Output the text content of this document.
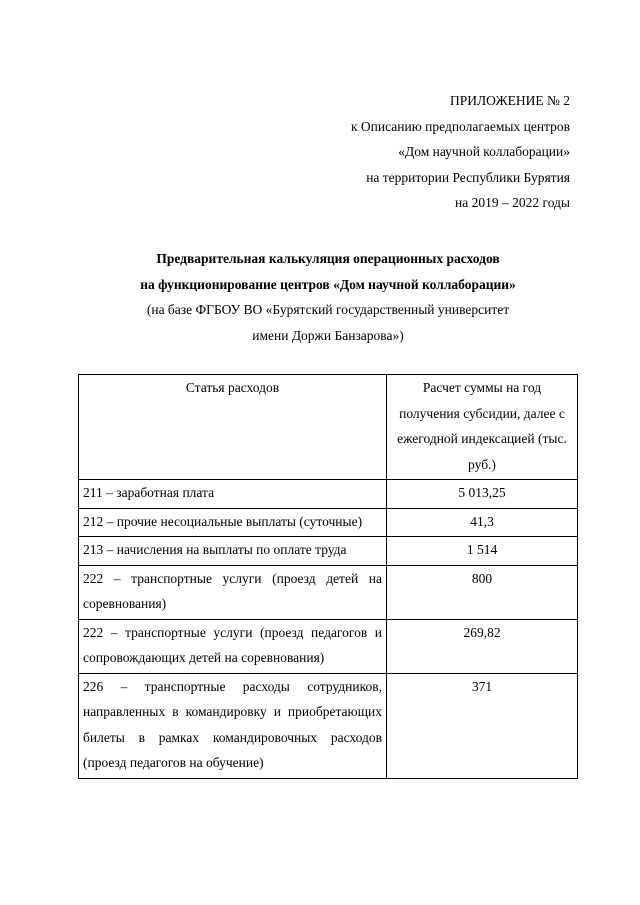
ПРИЛОЖЕНИЕ № 2
к Описанию предполагаемых центров
«Дом научной коллаборации»
на территории Республики Бурятия
на 2019 – 2022 годы
Предварительная калькуляция операционных расходов
на функционирование центров «Дом научной коллаборации»
(на базе ФГБОУ ВО «Бурятский государственный университет
имени Доржи Банзарова»)
Статья расходов	Расчет суммы на год получения субсидии, далее с ежегодной индексацией (тыс. руб.)
211 – заработная плата	5 013,25
212 – прочие несоциальные выплаты (суточные)	41,3
213 – начисления на выплаты по оплате труда	1 514
222 – транспортные услуги (проезд детей на соревнования)	800
222 – транспортные услуги (проезд педагогов и сопровождающих детей на соревнования)	269,82
226 – транспортные расходы сотрудников, направленных в командировку и приобретающих билеты в рамках командировочных расходов (проезд педагогов на обучение)	371
